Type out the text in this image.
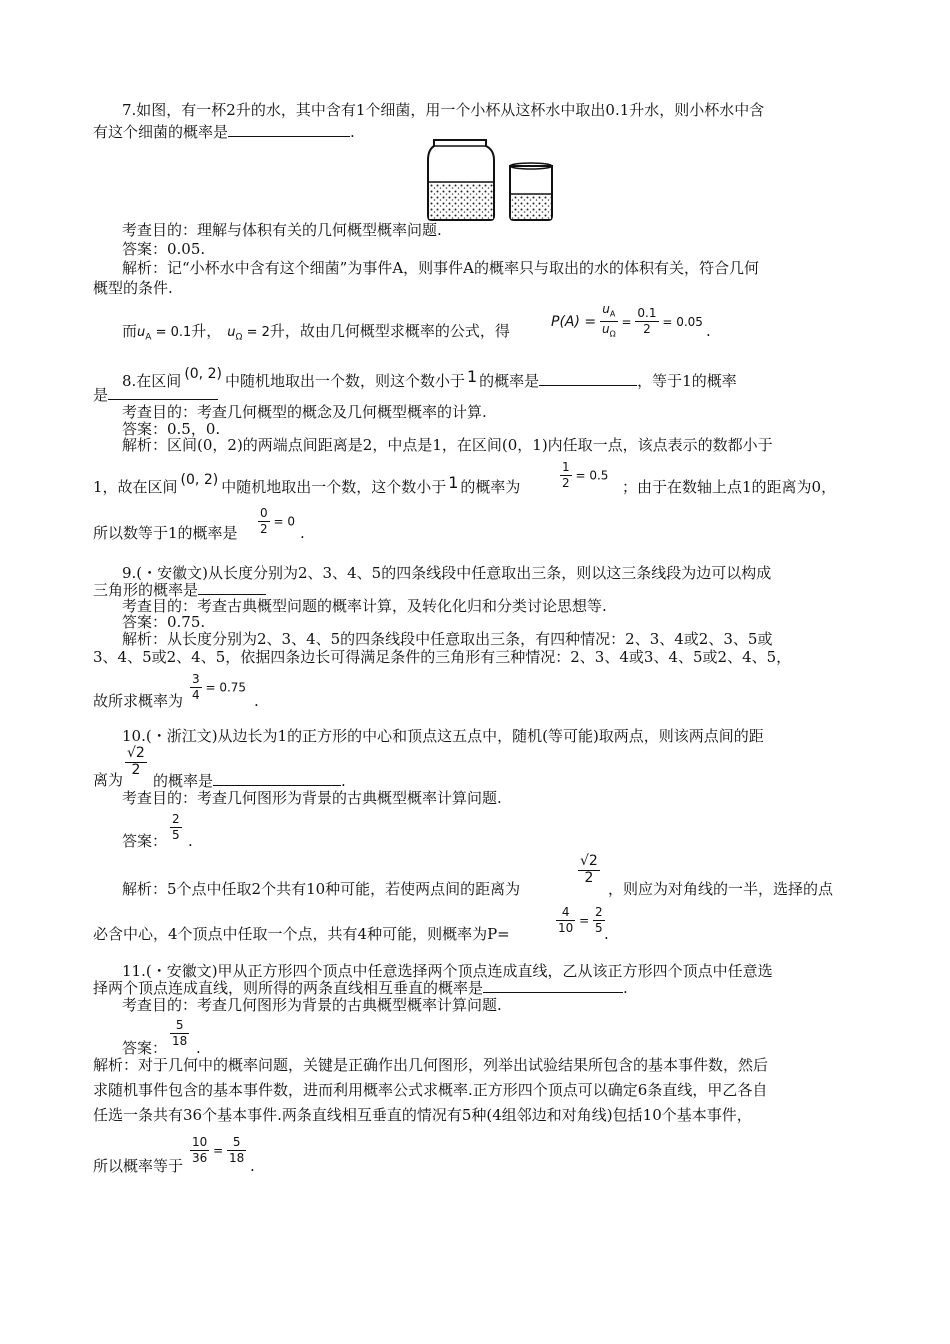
7.如图，有一杯2升的水，其中含有1个细菌，用一个小杯从这杯水中取出0.1升水，则小杯水中含
有这个细菌的概率是	.
考查目的：理解与体积有关的几何概型概率问题.
答案：0.05.
解析：记“小杯水中含有这个细菌”为事件A，则事件A的概率只与取出的水的体积有关，符合几何
概型的条件.
而$u_A = 0.1$升， $u_\Omega = 2$升，故由几何概型求概率的公式，得
$P(A) = \frac{u_A}{u_\Omega} = \frac{0.1}{2} = 0.05$
.
8.在区间 (0, 2) 中随机地取出一个数，则这个数小于 1 的概率是	，等于1的概率
是
考查目的：考查几何概型的概念及几何概型概率的计算.
答案：0.5，0.
解析：区间(0，2)的两端点间距离是2，中点是1，在区间(0，1)内任取一点，该点表示的数都小于
1，故在区间 (0, 2) 中随机地取出一个数，这个数小于 1 的概率为	$\frac{1}{2} = 0.5$
；由于在数轴上点1的距离为0，
所以数等于1的概率是 $\frac{0}{2} = 0$
.
9.(・安徽文)从长度分别为2、3、4、5的四条线段中任意取出三条，则以这三条线段为边可以构成
三角形的概率是
考查目的：考查古典概型问题的概率计算，及转化化归和分类讨论思想等.
答案：0.75.
解析：从长度分别为2、3、4、5的四条线段中任意取出三条，有四种情况：2、3、4或2、3、5或
3、4、5或2、4、5，依据四条边长可得满足条件的三角形有三种情况：2、3、4或3、4、5或2、4、5，
故所求概率为 $\frac{3}{4} = 0.75$
.
10.(・浙江文)从边长为1的正方形的中心和顶点这五点中，随机(等可能)取两点，则该两点间的距
离为
$\frac{√2}{2}$
的概率是	.
考查目的：考查几何图形为背景的古典概型概率计算问题.
答案： $\frac{2}{5}$ .
解析：5个点中任取2个共有10种可能，若使两点间的距离为
$\frac{√2}{2}$
，则应为对角线的一半，选择的点
必含中心，4个顶点中任取一个点，共有4种可能，则概率为P=	$\frac{4}{10} = \frac{2}{5}$ .
11.(・安徽文)甲从正方形四个顶点中任意选择两个顶点连成直线，乙从该正方形四个顶点中任意选
择两个顶点连成直线，则所得的两条直线相互垂直的概率是	.
考查目的：考查几何图形为背景的古典概型概率计算问题.
答案： $\frac{5}{18}$ .
解析：对于几何中的概率问题，关键是正确作出几何图形，列举出试验结果所包含的基本事件数，然后
求随机事件包含的基本事件数，进而利用概率公式求概率.正方形四个顶点可以确定6条直线，甲乙各自
任选一条共有36个基本事件.两条直线相互垂直的情况有5种(4组邻边和对角线)包括10个基本事件，
所以概率等于 $\frac{10}{36} = \frac{5}{18}$ .
